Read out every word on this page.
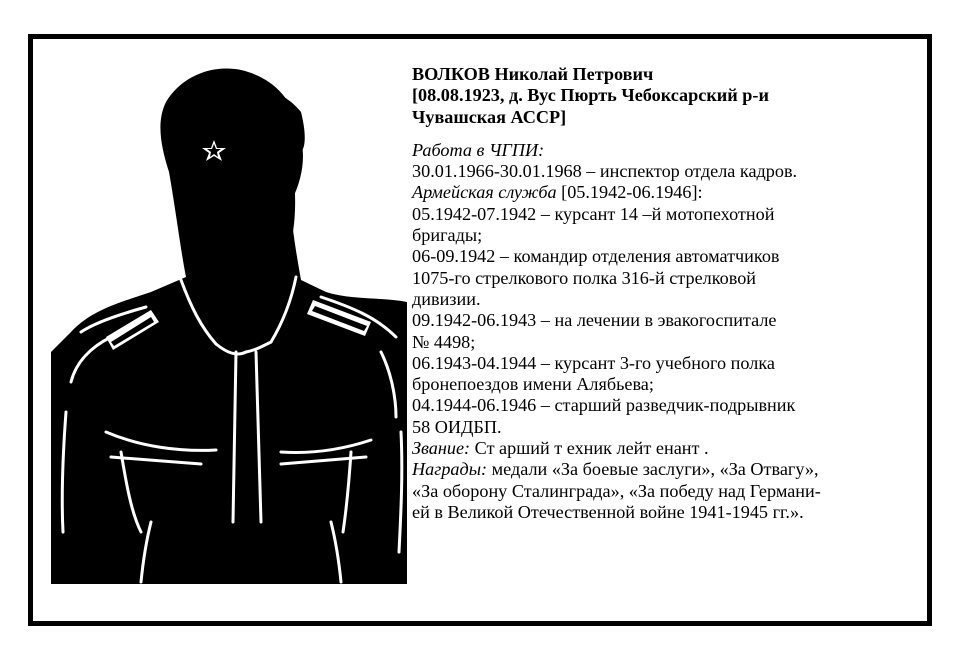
ВОЛКОВ Николай Петрович
[08.08.1923, д. Вус Пюрть Чебоксарский р-и
Чувашская АССР]
Работа в ЧГПИ:
30.01.1966-30.01.1968 – инспектор отдела кадров.
Армейская служба [05.1942-06.1946]:
05.1942-07.1942 – курсант 14 –й мотопехотной
бригады;
06-09.1942 – командир отделения автоматчиков
1075-го стрелкового полка 316-й стрелковой
дивизии.
09.1942-06.1943 – на лечении в эвакогоспитале
№ 4498;
06.1943-04.1944 – курсант 3-го учебного полка
бронепоездов имени Алябьева;
04.1944-06.1946 – старший разведчик-подрывник
58 ОИДБП.
Звание: Ст арший т ехник лейт енант .
Награды: медали «За боевые заслуги», «За Отвагу»,
«За оборону Сталинграда», «За победу над Германи-
ей в Великой Отечественной войне 1941-1945 гг.».
